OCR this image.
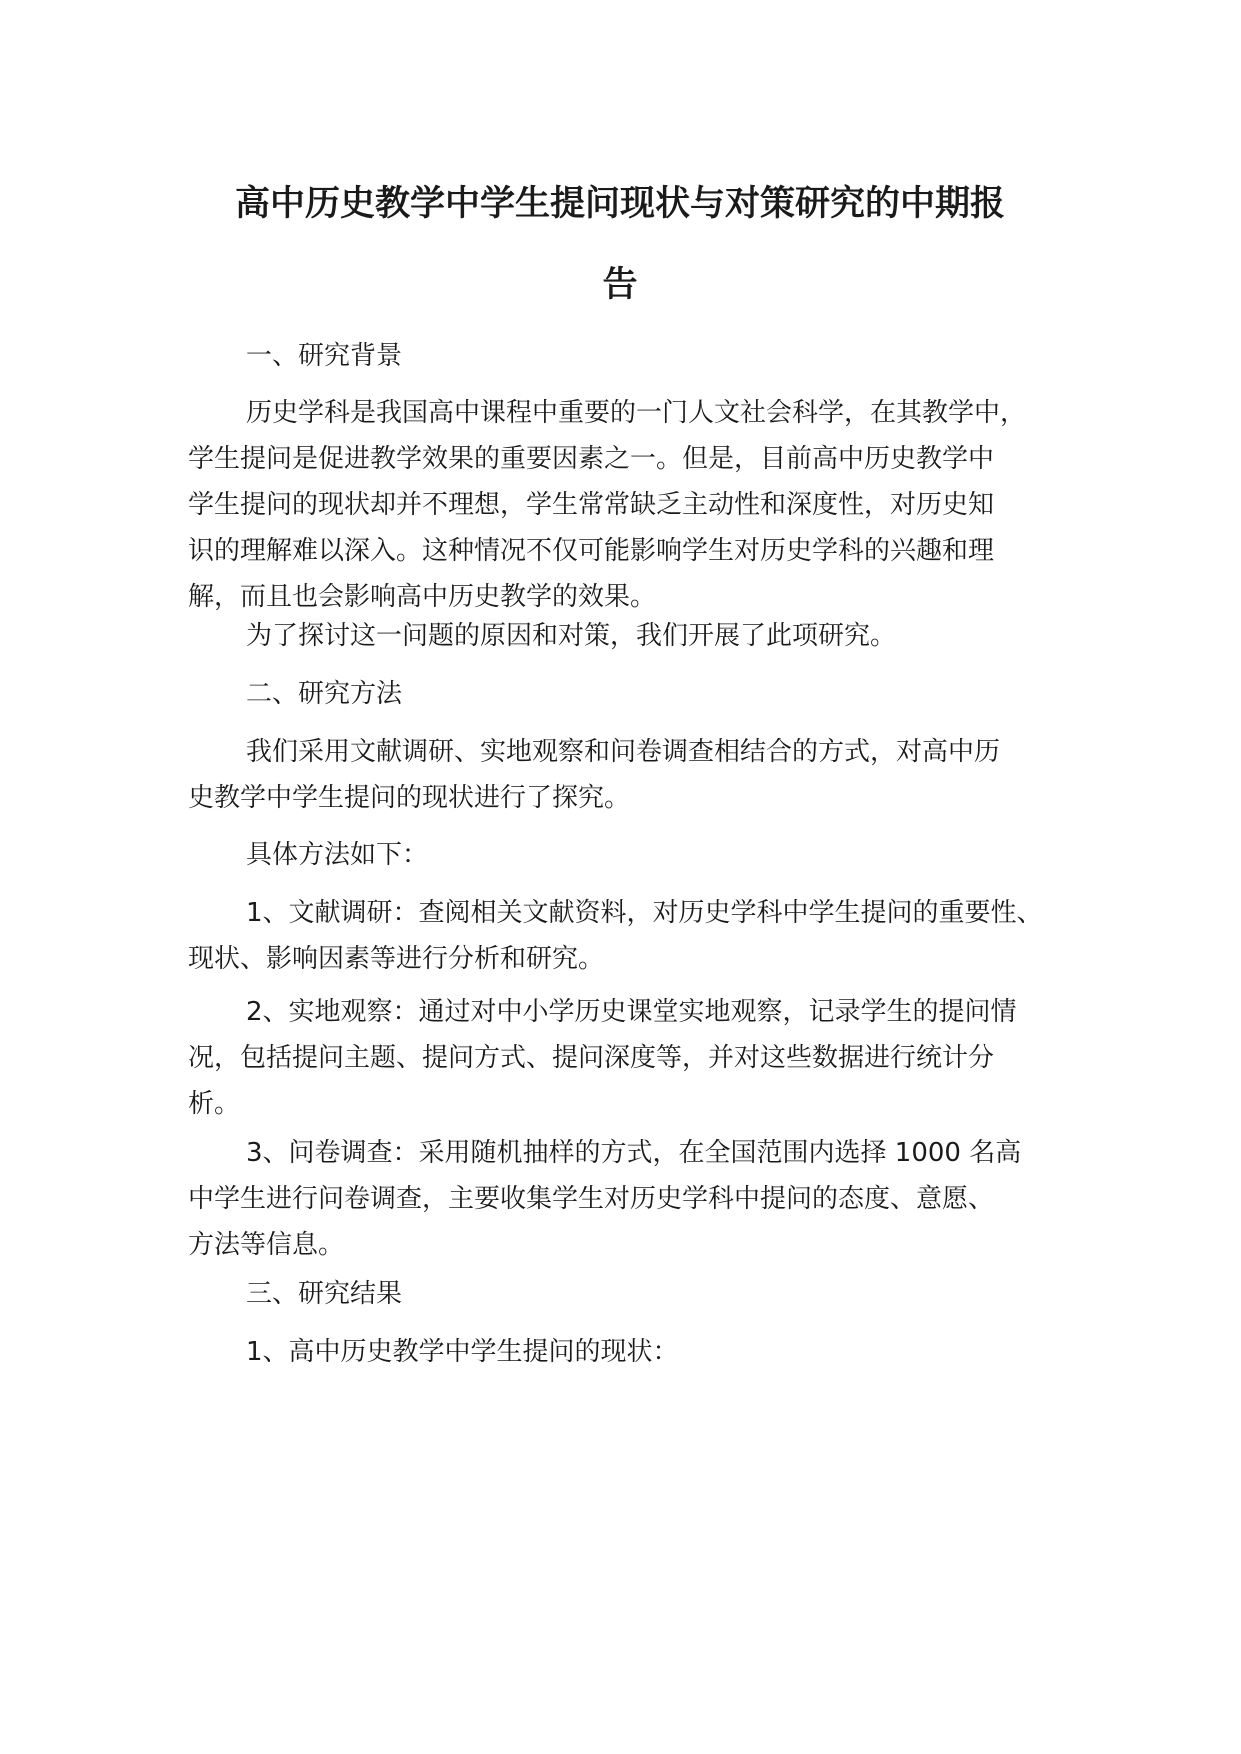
高中历史教学中学生提问现状与对策研究的中期报
告

一、研究背景

历史学科是我国高中课程中重要的一门人文社会科学，在其教学中，
学生提问是促进教学效果的重要因素之一。但是，目前高中历史教学中
学生提问的现状却并不理想，学生常常缺乏主动性和深度性，对历史知
识的理解难以深入。这种情况不仅可能影响学生对历史学科的兴趣和理
解，而且也会影响高中历史教学的效果。

为了探讨这一问题的原因和对策，我们开展了此项研究。

二、研究方法

我们采用文献调研、实地观察和问卷调查相结合的方式，对高中历
史教学中学生提问的现状进行了探究。

具体方法如下：

1、文献调研：查阅相关文献资料，对历史学科中学生提问的重要性、
现状、影响因素等进行分析和研究。

2、实地观察：通过对中小学历史课堂实地观察，记录学生的提问情
况，包括提问主题、提问方式、提问深度等，并对这些数据进行统计分
析。

3、问卷调查：采用随机抽样的方式，在全国范围内选择 1000 名高
中学生进行问卷调查，主要收集学生对历史学科中提问的态度、意愿、
方法等信息。

三、研究结果

1、高中历史教学中学生提问的现状：
